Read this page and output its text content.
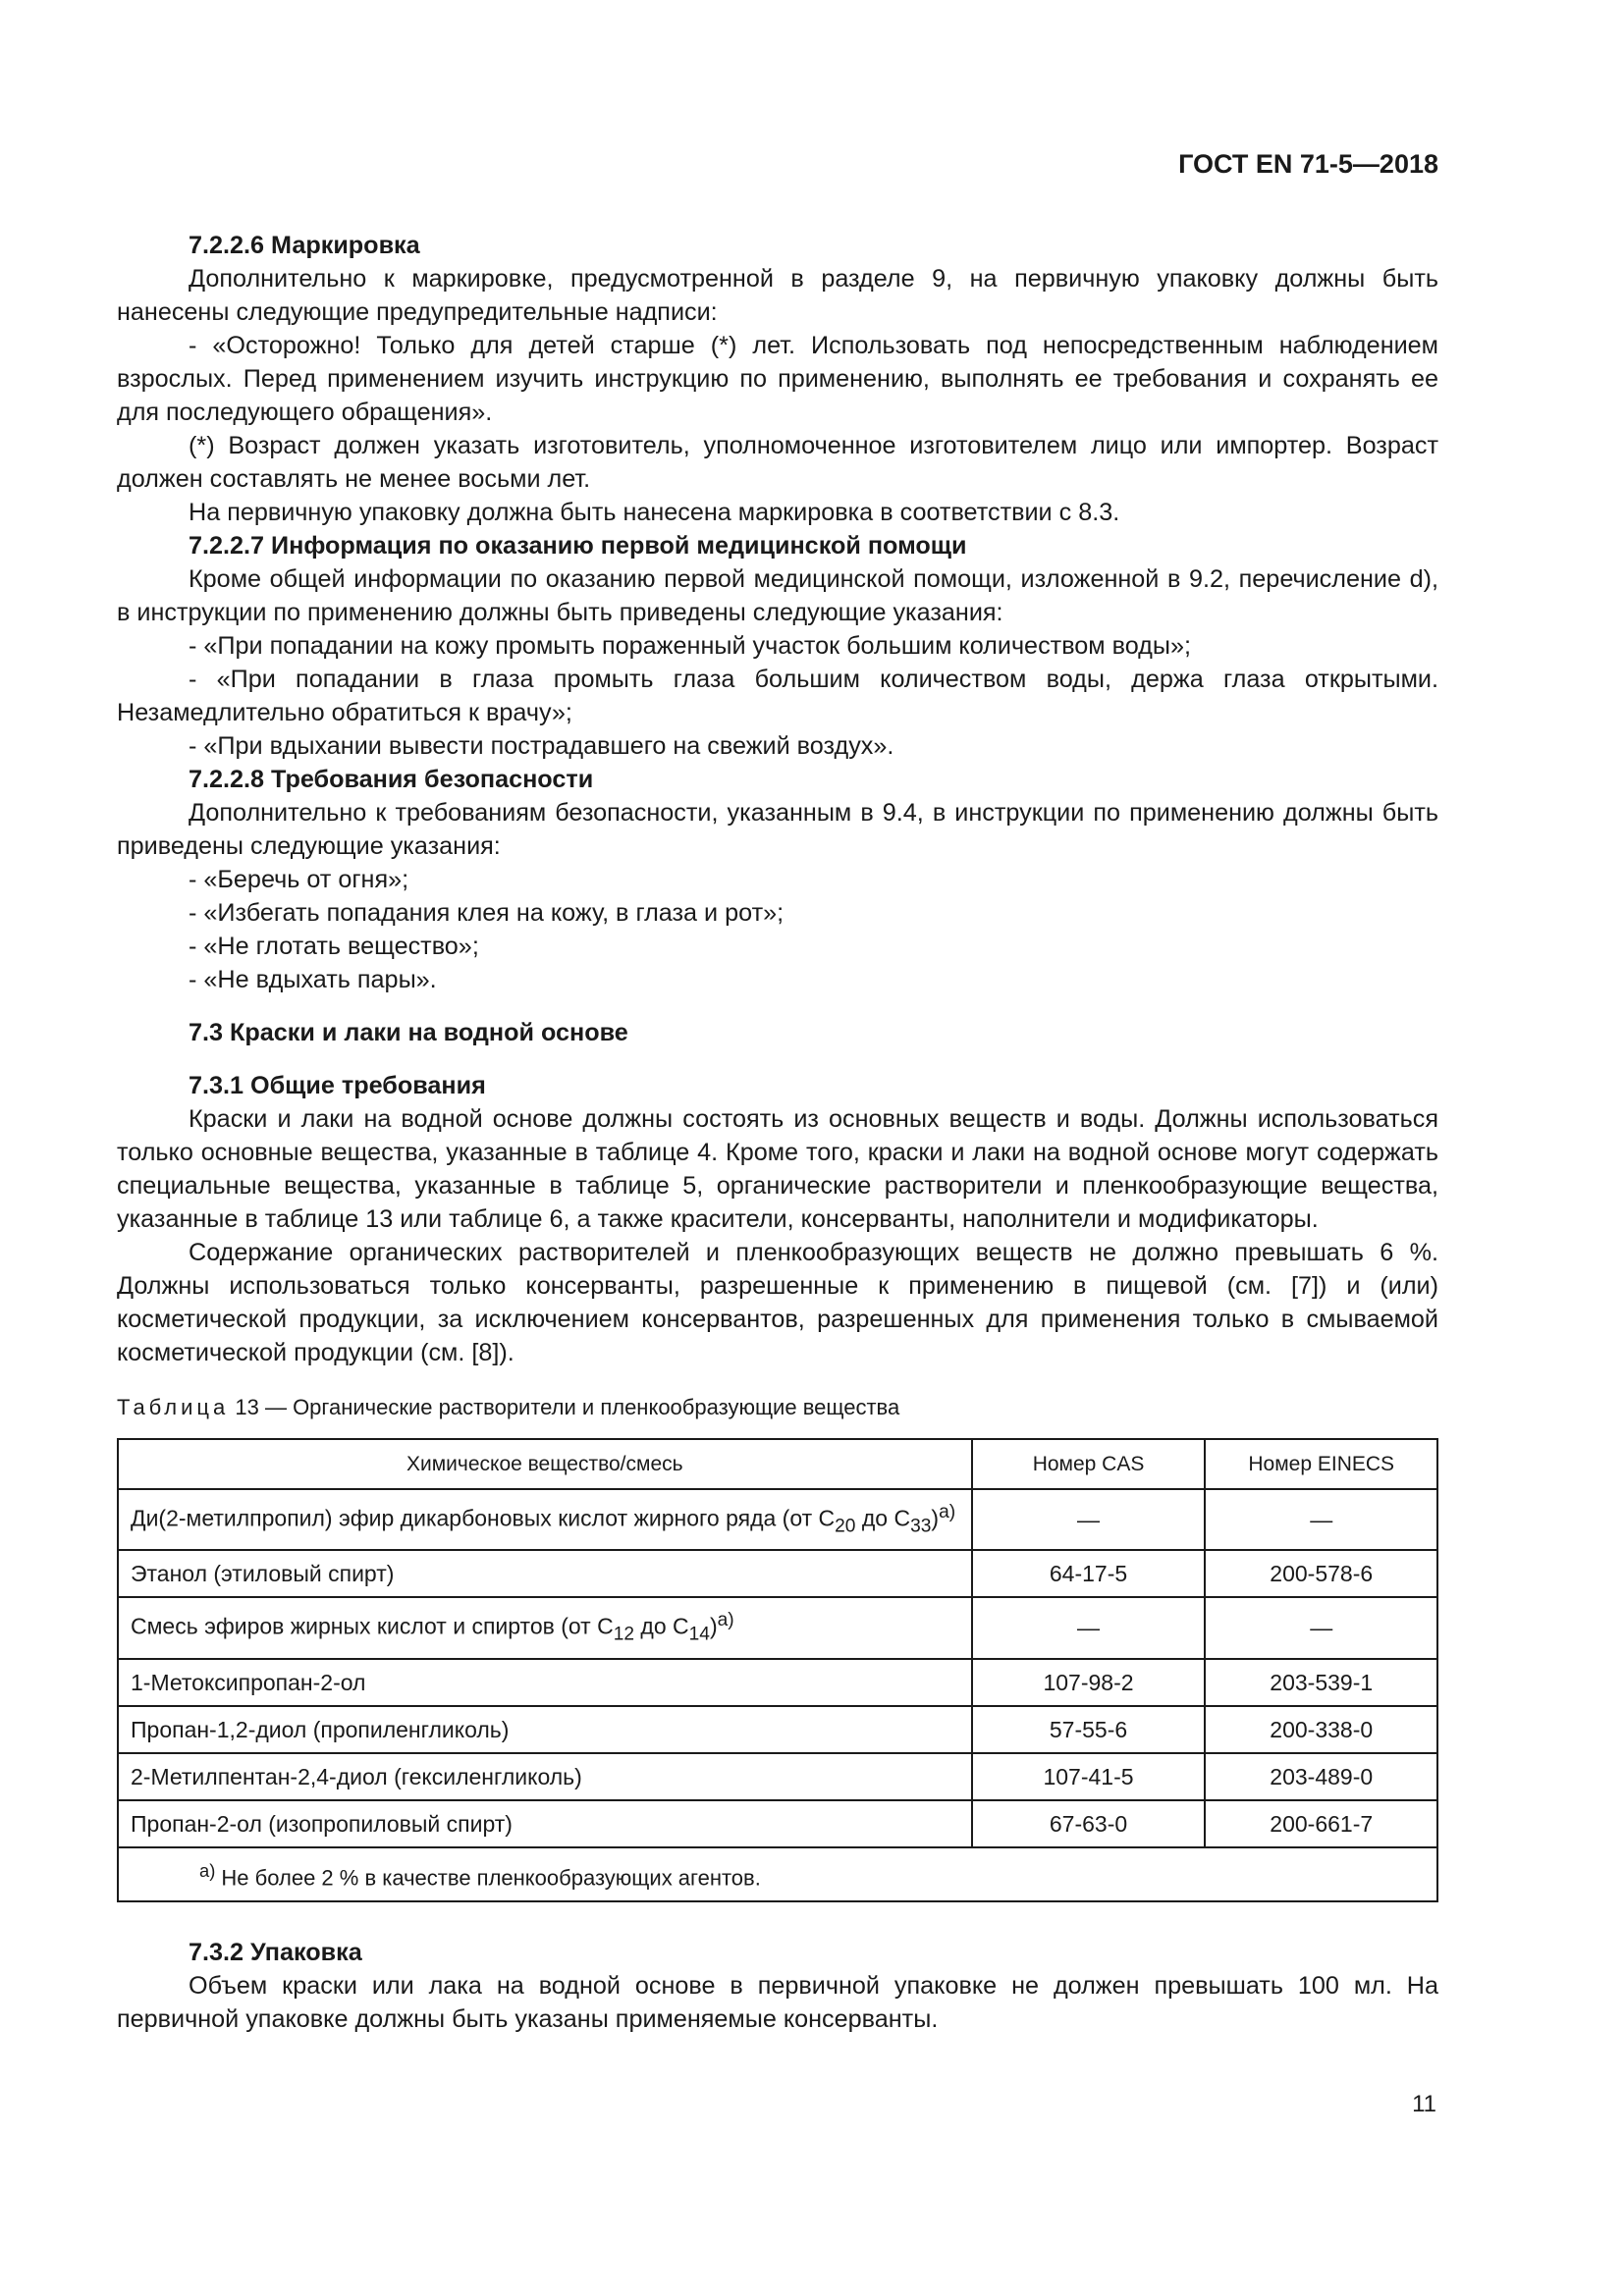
ГОСТ EN 71-5—2018

7.2.2.6 Маркировка

Дополнительно к маркировке, предусмотренной в разделе 9, на первичную упаковку должны быть нанесены следующие предупредительные надписи:

- «Осторожно! Только для детей старше (*) лет. Использовать под непосредственным наблюдением взрослых. Перед применением изучить инструкцию по применению, выполнять ее требования и сохранять ее для последующего обращения».

(*) Возраст должен указать изготовитель, уполномоченное изготовителем лицо или импортер. Возраст должен составлять не менее восьми лет.

На первичную упаковку должна быть нанесена маркировка в соответствии с 8.3.

7.2.2.7 Информация по оказанию первой медицинской помощи

Кроме общей информации по оказанию первой медицинской помощи, изложенной в 9.2, перечисление d), в инструкции по применению должны быть приведены следующие указания:

- «При попадании на кожу промыть пораженный участок большим количеством воды»;

- «При попадании в глаза промыть глаза большим количеством воды, держа глаза открытыми. Незамедлительно обратиться к врачу»;

- «При вдыхании вывести пострадавшего на свежий воздух».

7.2.2.8 Требования безопасности

Дополнительно к требованиям безопасности, указанным в 9.4, в инструкции по применению должны быть приведены следующие указания:

- «Беречь от огня»;

- «Избегать попадания клея на кожу, в глаза и рот»;

- «Не глотать вещество»;

- «Не вдыхать пары».

7.3 Краски и лаки на водной основе

7.3.1 Общие требования

Краски и лаки на водной основе должны состоять из основных веществ и воды. Должны использоваться только основные вещества, указанные в таблице 4. Кроме того, краски и лаки на водной основе могут содержать специальные вещества, указанные в таблице 5, органические растворители и пленкообразующие вещества, указанные в таблице 13 или таблице 6, а также красители, консерванты, наполнители и модификаторы.

Содержание органических растворителей и пленкообразующих веществ не должно превышать 6 %. Должны использоваться только консерванты, разрешенные к применению в пищевой (см. [7]) и (или) косметической продукции, за исключением консервантов, разрешенных для применения только в смываемой косметической продукции (см. [8]).

Таблица 13 — Органические растворители и пленкообразующие вещества

Химическое вещество/смесь	Номер CAS	Номер EINECS
Ди(2-метилпропил) эфир дикарбоновых кислот жирного ряда (от $С_{20}$ до $С_{33})^{а)}$	—	—
Этанол (этиловый спирт)	64-17-5	200-578-6
Смесь эфиров жирных кислот и спиртов (от $С_{12}$ до $С_{14})^{а)}$	—	—
1-Метоксипропан-2-ол	107-98-2	203-539-1
Пропан-1,2-диол (пропиленгликоль)	57-55-6	200-338-0
2-Метилпентан-2,4-диол (гексиленгликоль)	107-41-5	203-489-0
Пропан-2-ол (изопропиловый спирт)	67-63-0	200-661-7
$^{а)}$ Не более 2 % в качестве пленкообразующих агентов.		

7.3.2 Упаковка

Объем краски или лака на водной основе в первичной упаковке не должен превышать 100 мл. На первичной упаковке должны быть указаны применяемые консерванты.

11
